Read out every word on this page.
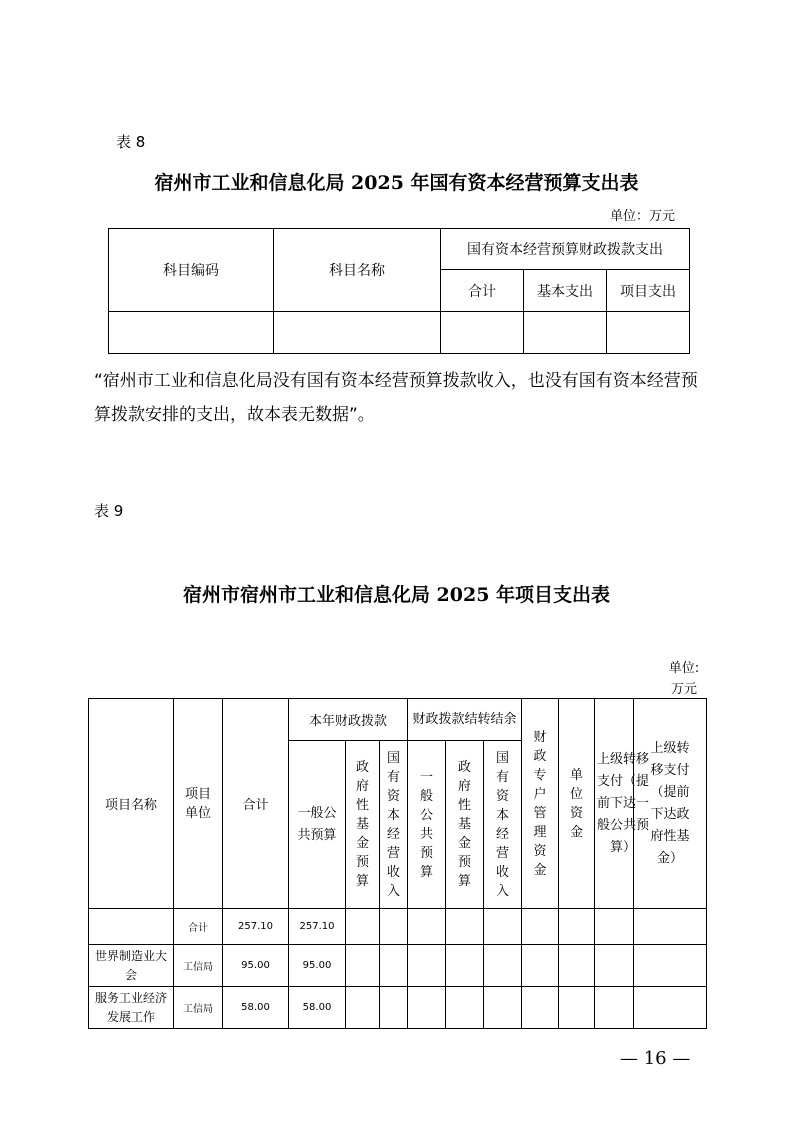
表 8
宿州市工业和信息化局 2025 年国有资本经营预算支出表
单位：万元
科目编码	科目名称	国有资本经营预算财政拨款支出		
		合计	基本支出	项目支出

“宿州市工业和信息化局没有国有资本经营预算拨款收入，也没有国有资本经营预算拨款安排的支出，故本表无数据”。
表 9
宿州市宿州市工业和信息化局 2025 年项目支出表
单位: 万元
项目名称	项目单位	合计	本年财政拨款			财政拨款结转结余			财政专户管理资金	单位资金	上级转移支付（提前下达一般公共预算）	上级转移支付（提前下达政府性基金）

			一般公共预算	政府性基金预算	国有资本经营收入	一般公共预算	政府性基金预算	国有资本经营收入				

	合计	257.10	257.10									

世界制造业大会	工信局	95.00	95.00									

服务工业经济发展工作	工信局	58.00	58.00									
— 16 —
